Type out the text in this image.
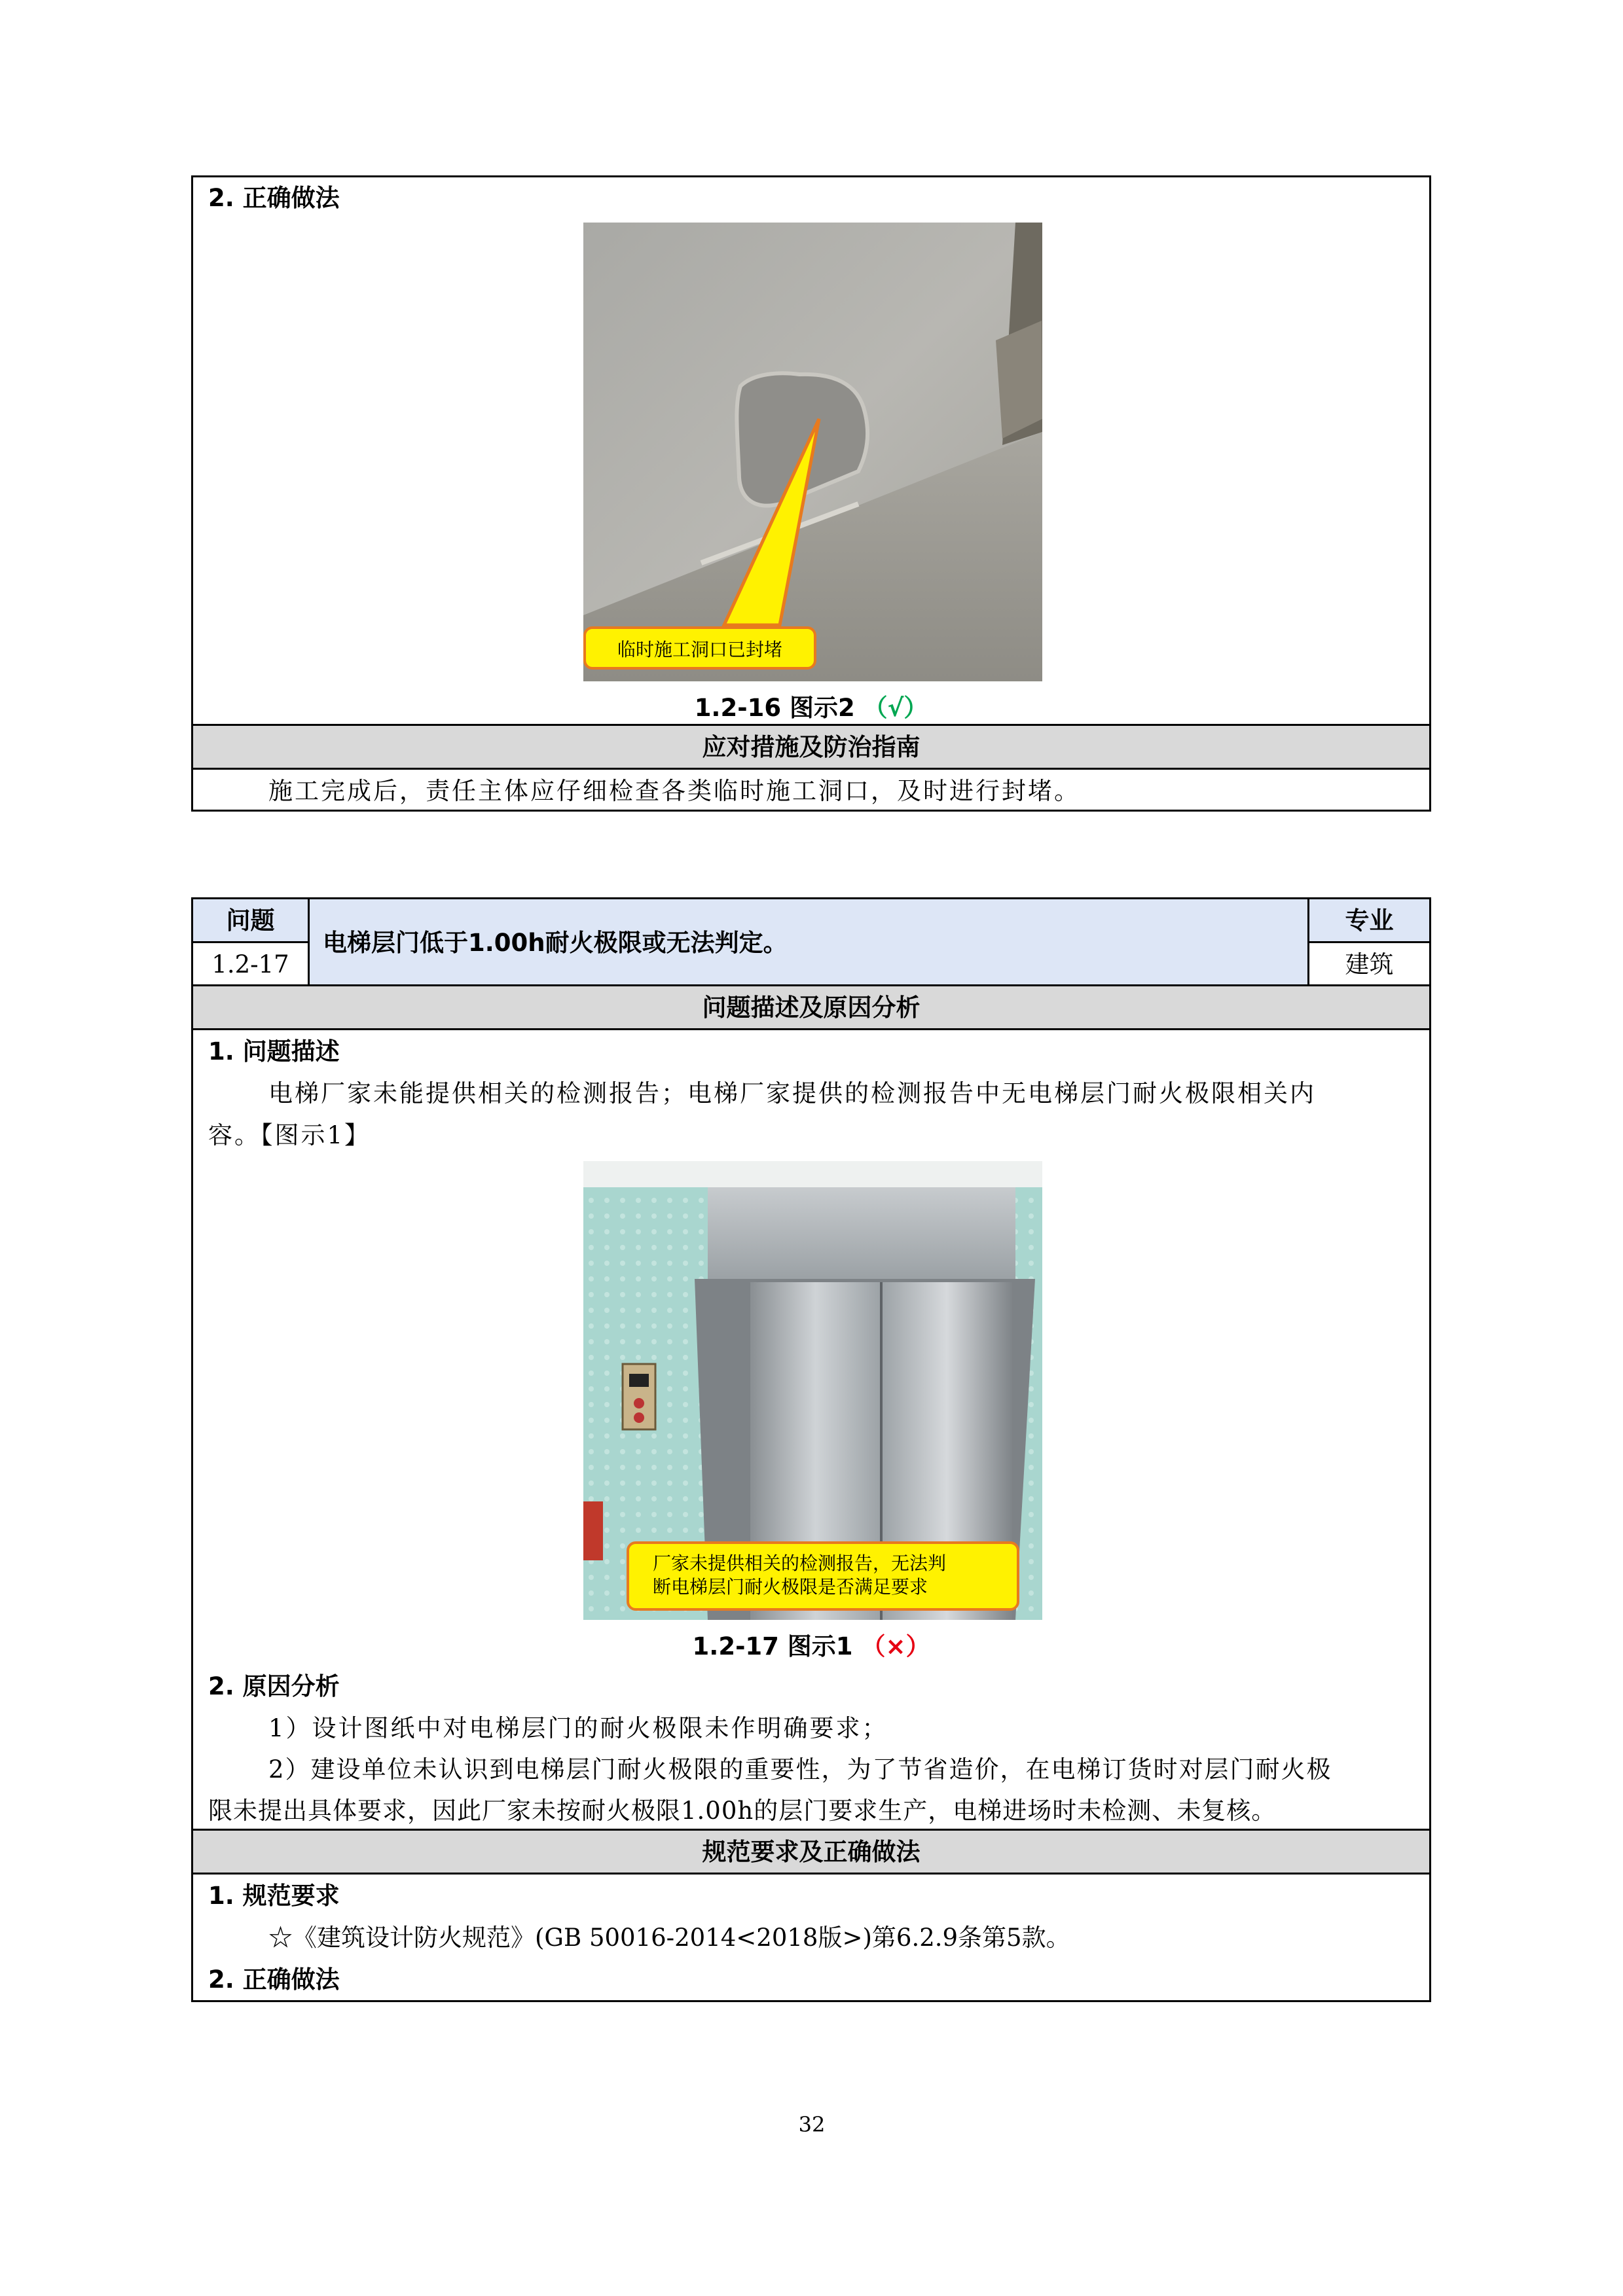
2. 正确做法
临时施工洞口已封堵
1.2-16 图示2 （√）
应对措施及防治指南
施工完成后，责任主体应仔细检查各类临时施工洞口，及时进行封堵。
问题
1.2-17
电梯层门低于1.00h耐火极限或无法判定。
专业
建筑
问题描述及原因分析
1. 问题描述
电梯厂家未能提供相关的检测报告；电梯厂家提供的检测报告中无电梯层门耐火极限相关内
容。【图示1】
厂家未提供相关的检测报告，无法判
断电梯层门耐火极限是否满足要求
1.2-17 图示1 （×）
2. 原因分析
1）设计图纸中对电梯层门的耐火极限未作明确要求；
2）建设单位未认识到电梯层门耐火极限的重要性，为了节省造价，在电梯订货时对层门耐火极
限未提出具体要求，因此厂家未按耐火极限1.00h的层门要求生产，电梯进场时未检测、未复核。
规范要求及正确做法
1. 规范要求
☆《建筑设计防火规范》(GB 50016-2014<2018版>)第6.2.9条第5款。
2. 正确做法
32
